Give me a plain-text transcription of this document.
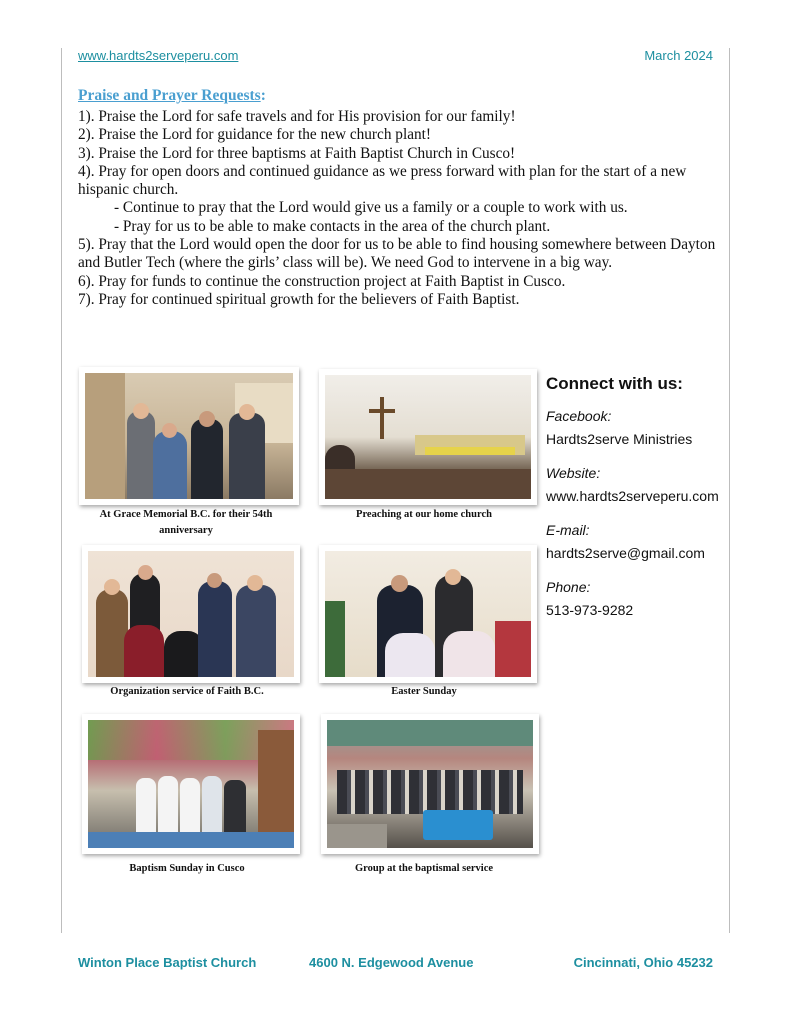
www.hardts2serveperu.com	March 2024
Praise and Prayer Requests:

1). Praise the Lord for safe travels and for His provision for our family!

2). Praise the Lord for guidance for the new church plant!

3). Praise the Lord for three baptisms at Faith Baptist Church in Cusco!

4). Pray for open doors and continued guidance as we press forward with plan for the start of a new hispanic church.

- Continue to pray that the Lord would give us a family or a couple to work with us.

- Pray for us to be able to make contacts in the area of the church plant.

5). Pray that the Lord would open the door for us to be able to find housing somewhere between Dayton and Butler Tech (where the girls’ class will be). We need God to intervene in a big way.

6). Pray for funds to continue the construction project at Faith Baptist in Cusco.

7). Pray for continued spiritual growth for the believers of Faith Baptist.

At Grace Memorial B.C. for their 54th anniversary
Preaching at our home church
Organization service of Faith B.C.	Easter Sunday
Baptism Sunday in Cusco	Group at the baptismal service
Connect with us:
Facebook:
Hardts2serve Ministries
Website:
www.hardts2serveperu.com
E-mail:
hardts2serve@gmail.com
Phone:
513-973-9282
Winton Place Baptist Church	4600 N. Edgewood Avenue	Cincinnati, Ohio 45232
